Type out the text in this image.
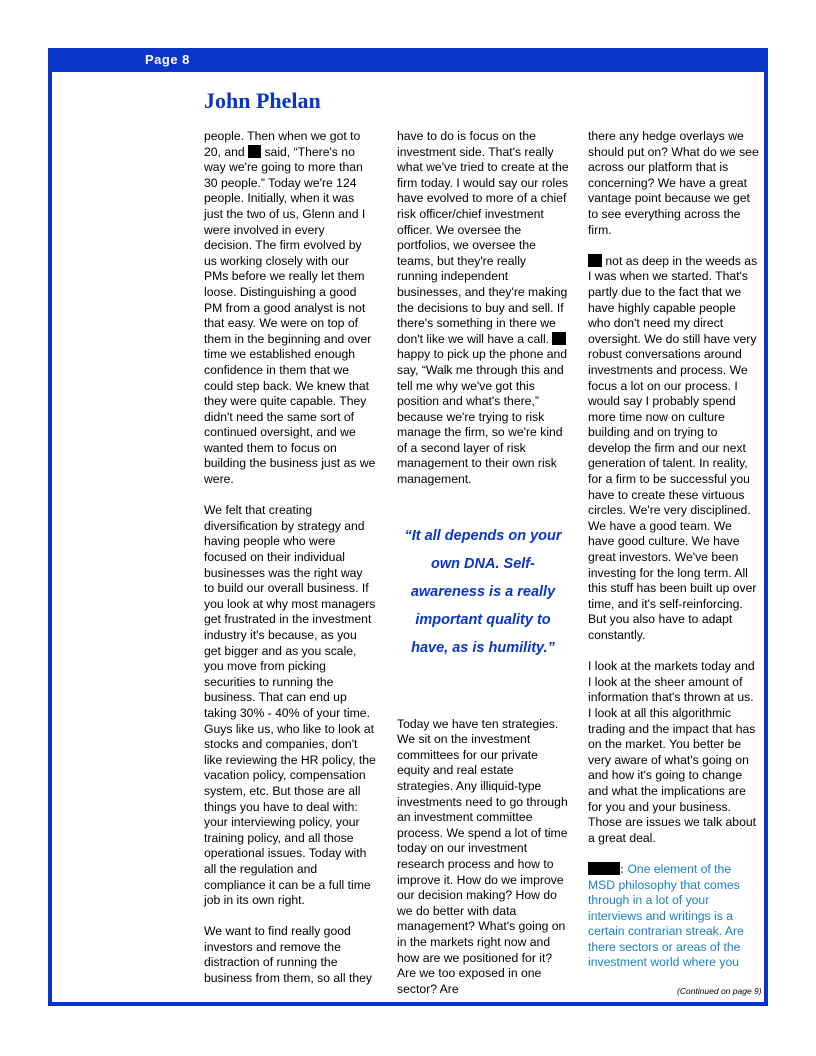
Page 8
John Phelan

people. Then when we got to 20, and said, “There's no way we're going to more than 30 people.” Today we're 124 people. Initially, when it was just the two of us, Glenn and I were involved in every decision. The firm evolved by us working closely with our PMs before we really let them loose. Distinguishing a good PM from a good analyst is not that easy. We were on top of them in the beginning and over time we established enough confidence in them that we could step back. We knew that they were quite capable. They didn't need the same sort of continued oversight, and we wanted them to focus on building the business just as we were.

We felt that creating diversification by strategy and having people who were focused on their individual businesses was the right way to build our overall business. If you look at why most managers get frustrated in the investment industry it's because, as you get bigger and as you scale, you move from picking securities to running the business. That can end up taking 30% - 40% of your time. Guys like us, who like to look at stocks and companies, don't like reviewing the HR policy, the vacation policy, compensation system, etc. But those are all things you have to deal with: your interviewing policy, your training policy, and all those operational issues. Today with all the regulation and compliance it can be a full time job in its own right.

We want to find really good investors and remove the distraction of running the business from them, so all they

have to do is focus on the investment side. That's really what we've tried to create at the firm today. I would say our roles have evolved to more of a chief risk officer/chief investment officer. We oversee the portfolios, we oversee the teams, but they're really running independent businesses, and they're making the decisions to buy and sell. If there's something in there we don't like we will have a call.  happy to pick up the phone and say, “Walk me through this and tell me why we've got this position and what's there,” because we're trying to risk manage the firm, so we're kind of a second layer of risk management to their own risk management.

“It all depends on your own DNA. Self-awareness is a really important quality to have, as is humility.”

Today we have ten strategies. We sit on the investment committees for our private equity and real estate strategies. Any illiquid-type investments need to go through an investment committee process. We spend a lot of time today on our investment research process and how to improve it. How do we improve our decision making? How do we do better with data management? What's going on in the markets right now and how are we positioned for it? Are we too exposed in one sector? Are

there any hedge overlays we should put on? What do we see across our platform that is concerning? We have a great vantage point because we get to see everything across the firm.

not as deep in the weeds as I was when we started. That's partly due to the fact that we have highly capable people who don't need my direct oversight. We do still have very robust conversations around investments and process. We focus a lot on our process. I would say I probably spend more time now on culture building and on trying to develop the firm and our next generation of talent. In reality, for a firm to be successful you have to create these virtuous circles. We're very disciplined. We have a good team. We have good culture. We have great investors. We've been investing for the long term. All this stuff has been built up over time, and it's self-reinforcing. But you also have to adapt constantly.

I look at the markets today and I look at the sheer amount of information that's thrown at us. I look at all this algorithmic trading and the impact that has on the market. You better be very aware of what's going on and how it's going to change and what the implications are for you and your business. Those are issues we talk about a great deal.

: One element of the MSD philosophy that comes through in a lot of your interviews and writings is a certain contrarian streak. Are there sectors or areas of the investment world where you

(Continued on page 9)
